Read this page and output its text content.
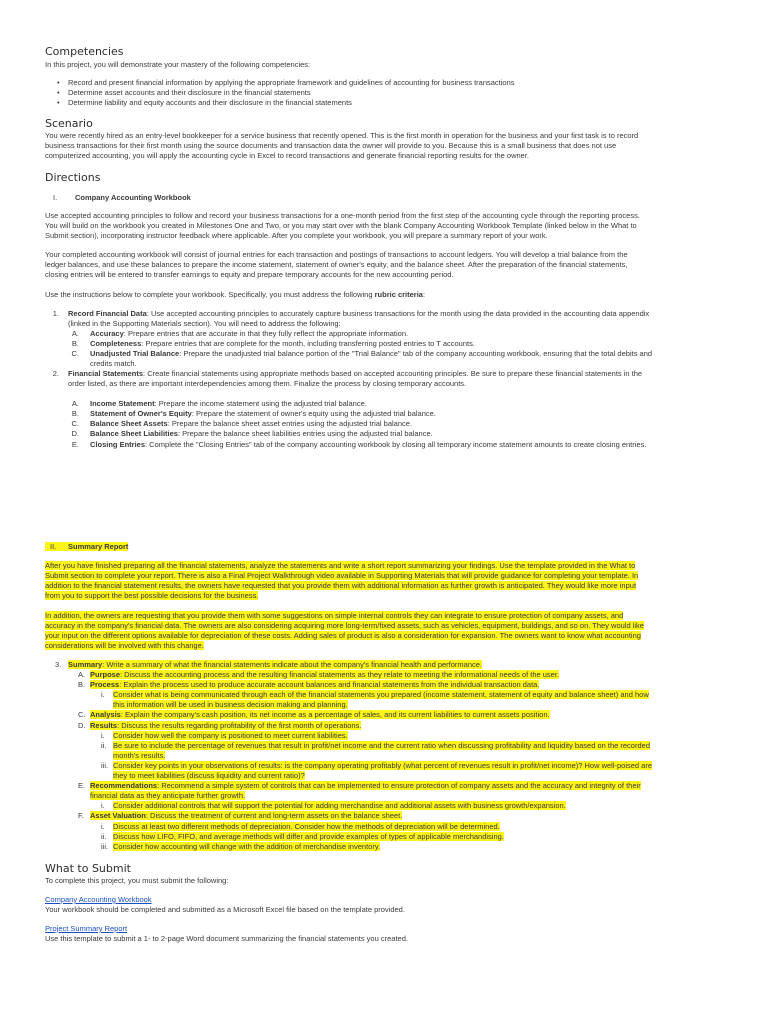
Competencies

In this project, you will demonstrate your mastery of the following competencies:

• Record and present financial information by applying the appropriate framework and guidelines of accounting for business transactions
• Determine asset accounts and their disclosure in the financial statements
• Determine liability and equity accounts and their disclosure in the financial statements
Scenario
You were recently hired as an entry-level bookkeeper for a service business that recently opened. This is the first month in operation for the business and your first task is to record
business transactions for their first month using the source documents and transaction data the owner will provide to you. Because this is a small business that does not use
computerized accounting, you will apply the accounting cycle in Excel to record transactions and generate financial reporting results for the owner.
Directions
I. Company Accounting Workbook
Use accepted accounting principles to follow and record your business transactions for a one-month period from the first step of the accounting cycle through the reporting process.
You will build on the workbook you created in Milestones One and Two, or you may start over with the blank Company Accounting Workbook Template (linked below in the What to
Submit section), incorporating instructor feedback where applicable. After you complete your workbook, you will prepare a summary report of your work.
Your completed accounting workbook will consist of journal entries for each transaction and postings of transactions to account ledgers. You will develop a trial balance from the
ledger balances, and use these balances to prepare the income statement, statement of owner's equity, and the balance sheet. After the preparation of the financial statements,
closing entries will be entered to transfer earnings to equity and prepare temporary accounts for the new accounting period.
Use the instructions below to complete your workbook. Specifically, you must address the following rubric criteria:
1. Record Financial Data: Use accepted accounting principles to accurately capture business transactions for the month using the data provided in the accounting data appendix
(linked in the Supporting Materials section). You will need to address the following:
A. Accuracy: Prepare entries that are accurate in that they fully reflect the appropriate information.
B. Completeness: Prepare entries that are complete for the month, including transferring posted entries to T accounts.
C. Unadjusted Trial Balance: Prepare the unadjusted trial balance portion of the "Trial Balance" tab of the company accounting workbook, ensuring that the total debits and
credits match.
2. Financial Statements: Create financial statements using appropriate methods based on accepted accounting principles. Be sure to prepare these financial statements in the
order listed, as there are important interdependencies among them. Finalize the process by closing temporary accounts.
A. Income Statement: Prepare the income statement using the adjusted trial balance.
B. Statement of Owner's Equity: Prepare the statement of owner's equity using the adjusted trial balance.
C. Balance Sheet Assets: Prepare the balance sheet asset entries using the adjusted trial balance.
D. Balance Sheet Liabilities: Prepare the balance sheet liabilities entries using the adjusted trial balance.
E. Closing Entries: Complete the "Closing Entries" tab of the company accounting workbook by closing all temporary income statement amounts to create closing entries.
II. Summary Report
After you have finished preparing all the financial statements, analyze the statements and write a short report summarizing your findings. Use the template provided in the What to
Submit section to complete your report. There is also a Final Project Walkthrough video available in Supporting Materials that will provide guidance for completing your template. In
addition to the financial statement results, the owners have requested that you provide them with additional information as further growth is anticipated. They would like more input
from you to support the best possible decisions for the business.
In addition, the owners are requesting that you provide them with some suggestions on simple internal controls they can integrate to ensure protection of company assets, and
accuracy in the company's financial data. The owners are also considering acquiring more long-term/fixed assets, such as vehicles, equipment, buildings, and so on. They would like
your input on the different options available for depreciation of these costs. Adding sales of product is also a consideration for expansion. The owners want to know what accounting
considerations will be involved with this change.
3. Summary: Write a summary of what the financial statements indicate about the company's financial health and performance.
A. Purpose: Discuss the accounting process and the resulting financial statements as they relate to meeting the informational needs of the user.
B. Process: Explain the process used to produce accurate account balances and financial statements from the individual transaction data.
i. Consider what is being communicated through each of the financial statements you prepared (income statement, statement of equity and balance sheet) and how
this information will be used in business decision making and planning.
C. Analysis: Explain the company's cash position, its net income as a percentage of sales, and its current liabilities to current assets position.
D. Results: Discuss the results regarding profitability of the first month of operations.
i. Consider how well the company is positioned to meet current liabilities.
ii. Be sure to include the percentage of revenues that result in profit/net income and the current ratio when discussing profitability and liquidity based on the recorded
month's results.
iii. Consider key points in your observations of results: is the company operating profitably (what percent of revenues result in profit/net income)? How well-poised are
they to meet liabilities (discuss liquidity and current ratio)?
E. Recommendations: Recommend a simple system of controls that can be implemented to ensure protection of company assets and the accuracy and integrity of their
financial data as they anticipate further growth.
i. Consider additional controls that will support the potential for adding merchandise and additional assets with business growth/expansion.
F. Asset Valuation: Discuss the treatment of current and long-term assets on the balance sheet.
i. Discuss at least two different methods of depreciation. Consider how the methods of depreciation will be determined.
ii. Discuss how LIFO, FIFO, and average methods will differ and provide examples of types of applicable merchandising.
iii. Consider how accounting will change with the addition of merchandise inventory.
What to Submit

To complete this project, you must submit the following:

Company Accounting Workbook

Your workbook should be completed and submitted as a Microsoft Excel file based on the template provided.

Project Summary Report

Use this template to submit a 1- to 2-page Word document summarizing the financial statements you created.
